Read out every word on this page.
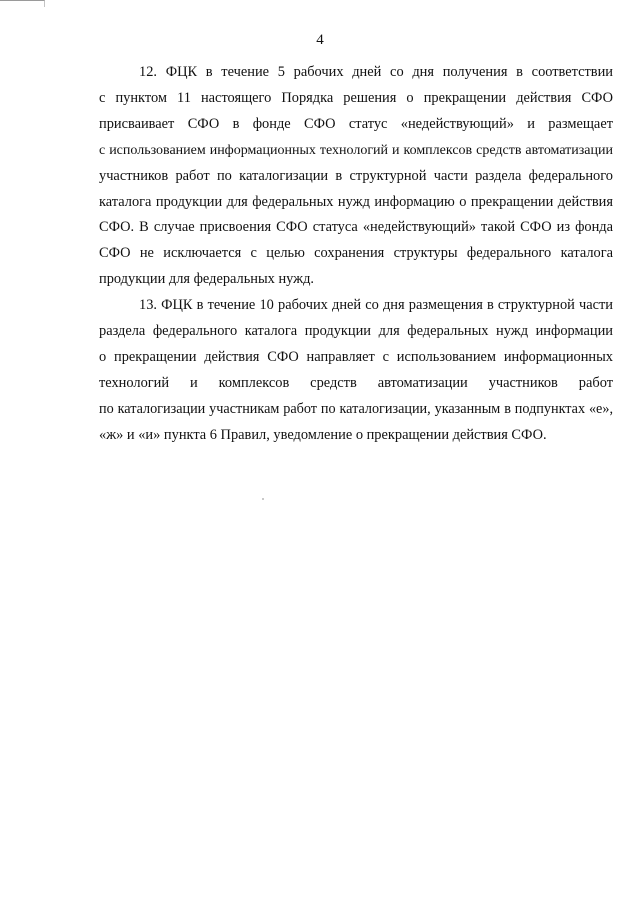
4

12. ФЦК в течение 5 рабочих дней со дня получения в соответствии
с пунктом 11 настоящего Порядка решения о прекращении действия СФО
присваивает СФО в фонде СФО статус «недействующий» и размещает
с использованием информационных технологий и комплексов средств автоматизации
участников работ по каталогизации в структурной части раздела федерального
каталога продукции для федеральных нужд информацию о прекращении действия
СФО. В случае присвоения СФО статуса «недействующий» такой СФО из фонда
СФО не исключается с целью сохранения структуры федерального каталога
продукции для федеральных нужд.

13. ФЦК в течение 10 рабочих дней со дня размещения в структурной части
раздела федерального каталога продукции для федеральных нужд информации
о прекращении действия СФО направляет с использованием информационных
технологий и комплексов средств автоматизации участников работ
по каталогизации участникам работ по каталогизации, указанным в подпунктах «е»,
«ж» и «и» пункта 6 Правил, уведомление о прекращении действия СФО.
